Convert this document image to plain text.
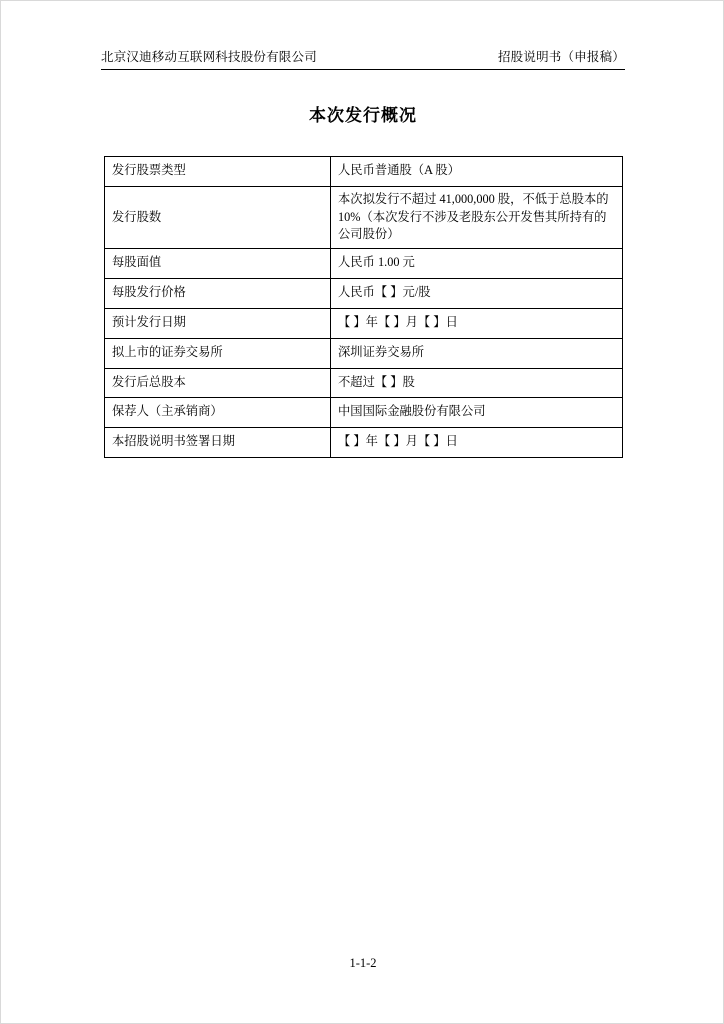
北京汉迪移动互联网科技股份有限公司	招股说明书（申报稿）
本次发行概况
发行股票类型	人民币普通股（A 股）
发行股数	本次拟发行不超过 41,000,000 股，不低于总股本的 10%（本次发行不涉及老股东公开发售其所持有的公司股份）
每股面值	人民币 1.00 元
每股发行价格	人民币【 】元/股
预计发行日期	【 】年【 】月【 】日
拟上市的证券交易所	深圳证券交易所
发行后总股本	不超过【 】股
保荐人（主承销商）	中国国际金融股份有限公司
本招股说明书签署日期	【 】年【 】月【 】日
1-1-2
